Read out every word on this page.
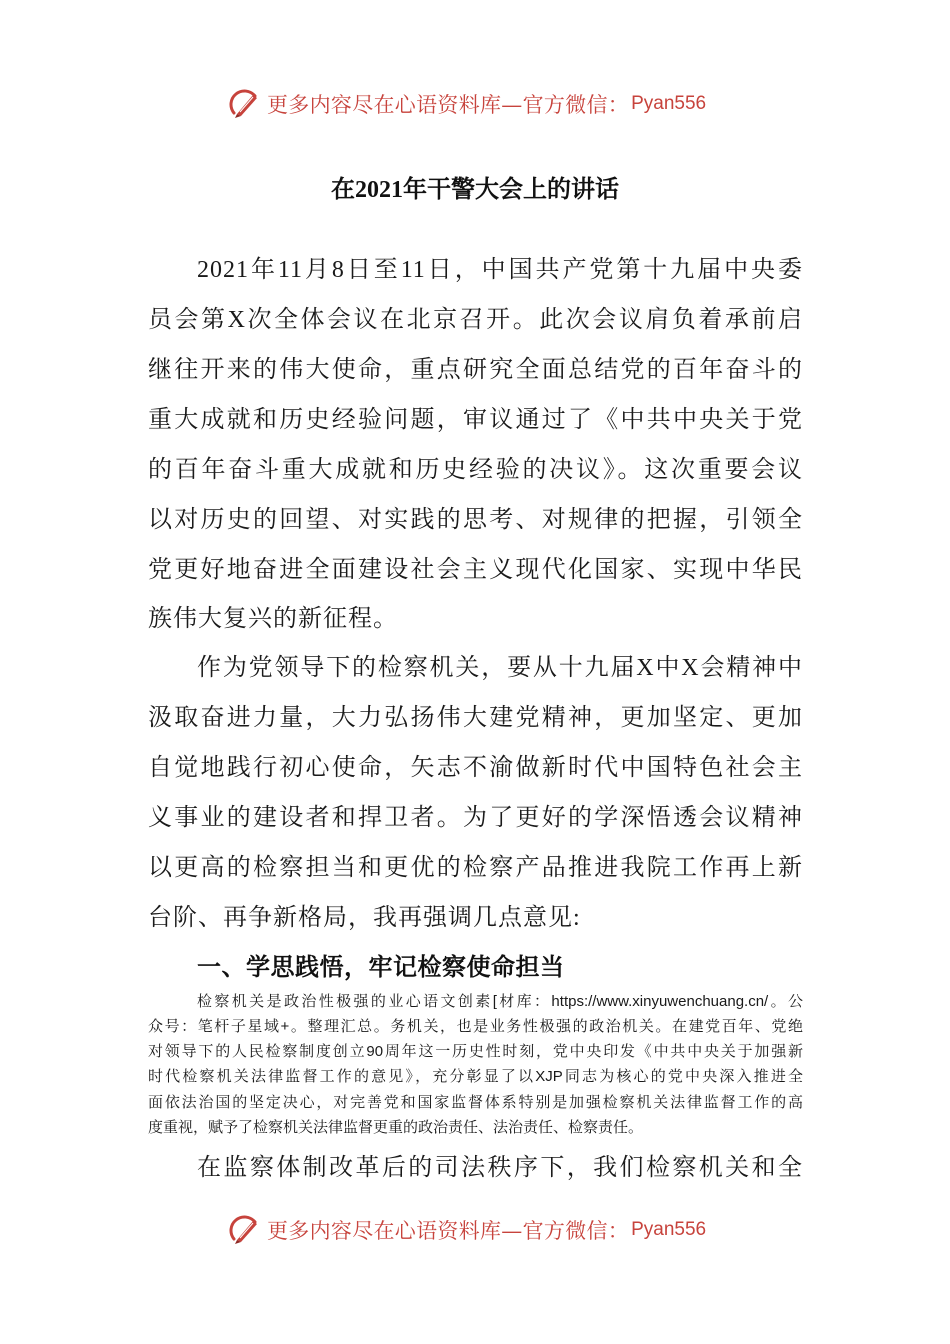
更多内容尽在心语资料库—官方微信： Pyan556
在2021年干警大会上的讲话
2021年11月8日至11日，中国共产党第十九届中央委
员会第X次全体会议在北京召开。此次会议肩负着承前启
继往开来的伟大使命，重点研究全面总结党的百年奋斗的
重大成就和历史经验问题，审议通过了《中共中央关于党
的百年奋斗重大成就和历史经验的决议》。这次重要会议
以对历史的回望、对实践的思考、对规律的把握，引领全
党更好地奋进全面建设社会主义现代化国家、实现中华民
族伟大复兴的新征程。
作为党领导下的检察机关，要从十九届X中X会精神中
汲取奋进力量，大力弘扬伟大建党精神，更加坚定、更加
自觉地践行初心使命，矢志不渝做新时代中国特色社会主
义事业的建设者和捍卫者。为了更好的学深悟透会议精神
以更高的检察担当和更优的检察产品推进我院工作再上新
台阶、再争新格局，我再强调几点意见:
一、学思践悟，牢记检察使命担当
检察机关是政治性极强的业心语文创素[材库：https://www.xinyuwenchuang.cn/。公
众号：笔杆子星域+。整理汇总。务机关，也是业务性极强的政治机关。在建党百年、党绝
对领导下的人民检察制度创立90周年这一历史性时刻，党中央印发《中共中央关于加强新
时代检察机关法律监督工作的意见》，充分彰显了以XJP同志为核心的党中央深入推进全
面依法治国的坚定决心，对完善党和国家监督体系特别是加强检察机关法律监督工作的高
度重视，赋予了检察机关法律监督更重的政治责任、法治责任、检察责任。
在监察体制改革后的司法秩序下，我们检察机关和全
更多内容尽在心语资料库—官方微信： Pyan556
